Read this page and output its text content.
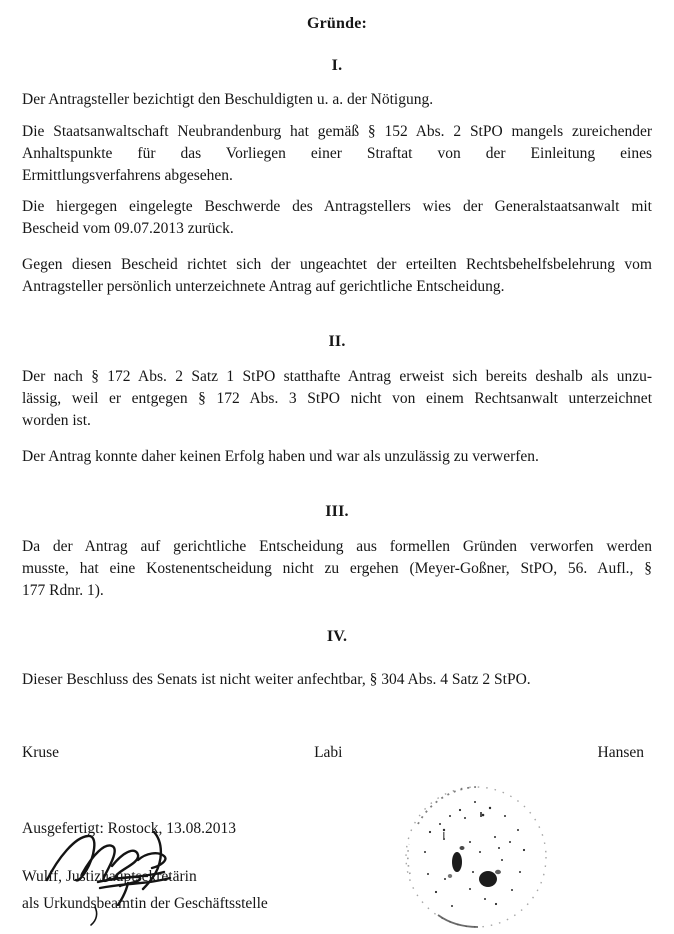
Gründe:
I.
Der Antragsteller bezichtigt den Beschuldigten u. a. der Nötigung.
Die Staatsanwaltschaft Neubrandenburg hat gemäß § 152 Abs. 2 StPO mangels zureichender
Anhaltspunkte für das Vorliegen einer Straftat von der Einleitung eines
Ermittlungsverfahrens abgesehen.
Die hiergegen eingelegte Beschwerde des Antragstellers wies der Generalstaatsanwalt mit
Bescheid vom 09.07.2013 zurück.
Gegen diesen Bescheid richtet sich der ungeachtet der erteilten Rechtsbehelfsbelehrung vom
Antragsteller persönlich unterzeichnete Antrag auf gerichtliche Entscheidung.
II.
Der nach § 172 Abs. 2 Satz 1 StPO statthafte Antrag erweist sich bereits deshalb als unzu-
lässig, weil er entgegen § 172 Abs. 3 StPO nicht von einem Rechtsanwalt unterzeichnet
worden ist.
Der Antrag konnte daher keinen Erfolg haben und war als unzulässig zu verwerfen.
III.
Da der Antrag auf gerichtliche Entscheidung aus formellen Gründen verworfen werden
musste, hat eine Kostenentscheidung nicht zu ergehen (Meyer-Goßner, StPO, 56. Aufl., §
177 Rdnr. 1).
IV.
Dieser Beschluss des Senats ist nicht weiter anfechtbar, § 304 Abs. 4 Satz 2 StPO.
Kruse	Labi	Hansen
Ausgefertigt: Rostock, 13.08.2013
Wulff, Justizhauptsekretärin
als Urkundsbeamtin der Geschäftsstelle
